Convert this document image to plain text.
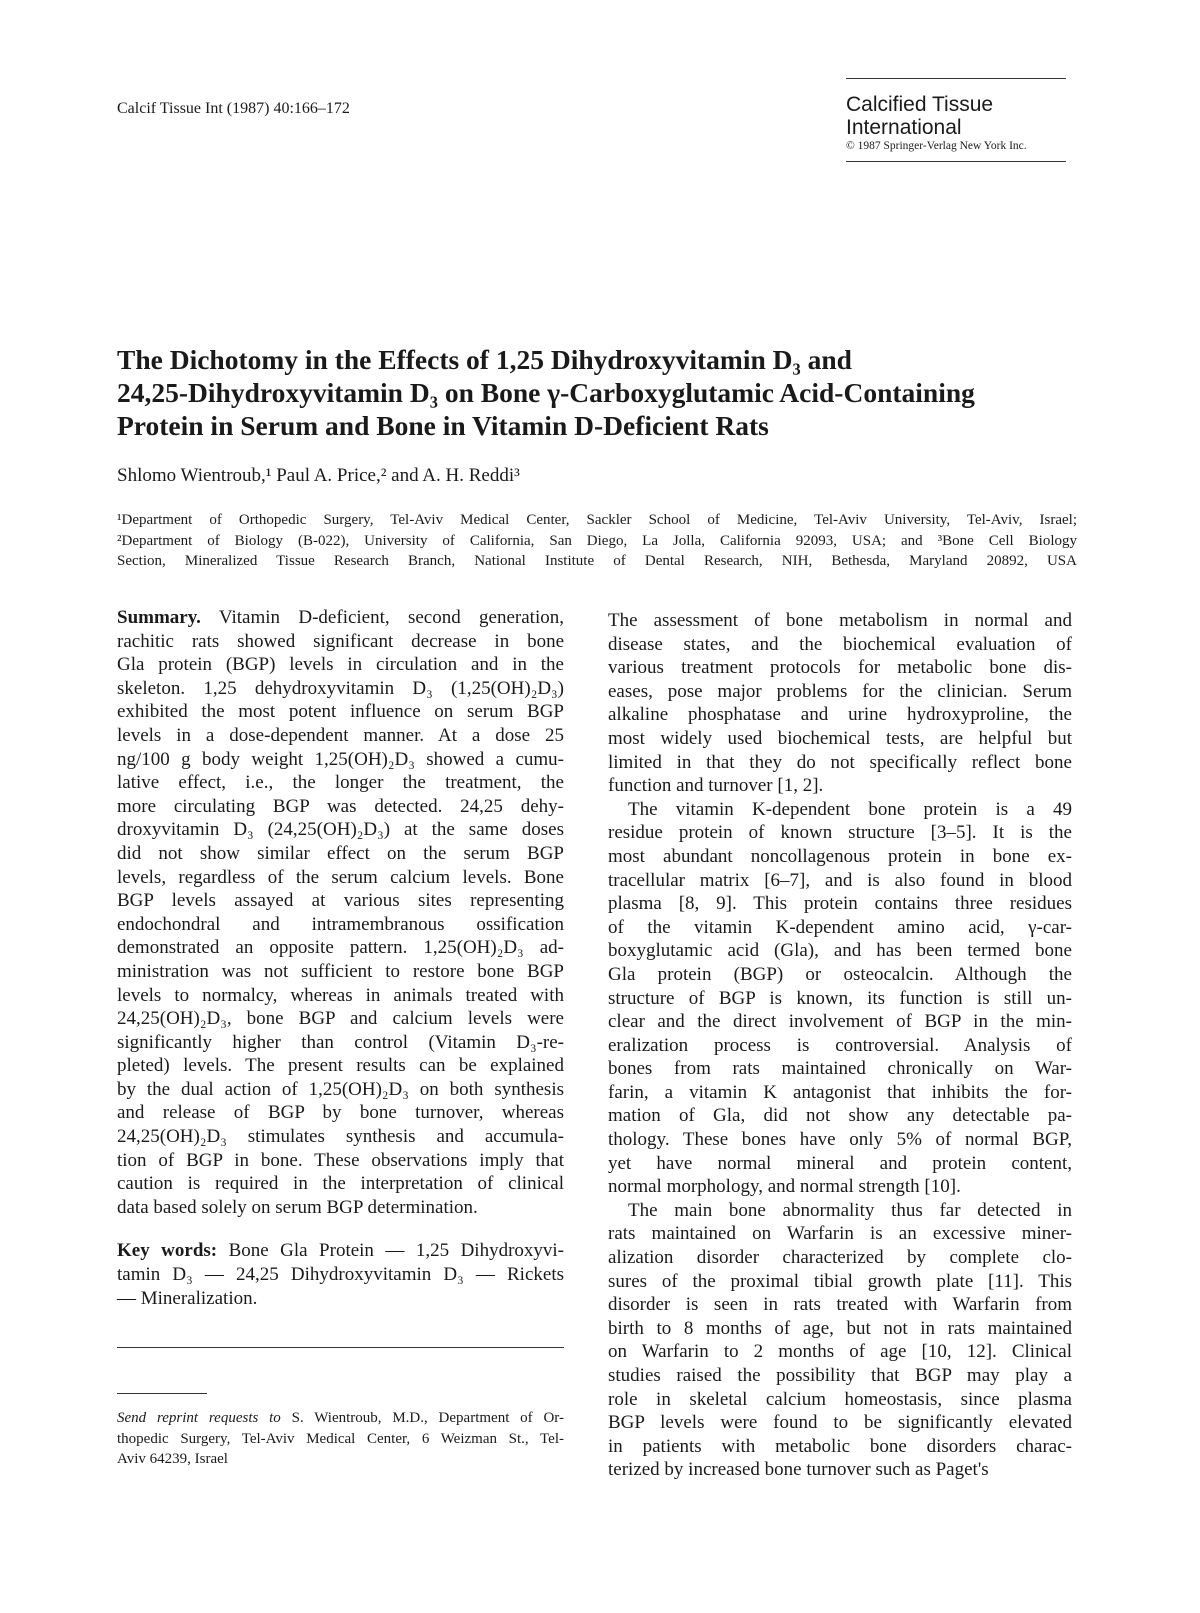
Calcif Tissue Int (1987) 40:166–172	Calcified Tissue
International
© 1987 Springer-Verlag New York Inc.
The Dichotomy in the Effects of 1,25 Dihydroxyvitamin D₃ and
24,25-Dihydroxyvitamin D₃ on Bone γ-Carboxyglutamic Acid-Containing
Protein in Serum and Bone in Vitamin D-Deficient Rats
Shlomo Wientroub,¹ Paul A. Price,² and A. H. Reddi³
¹Department of Orthopedic Surgery, Tel-Aviv Medical Center, Sackler School of Medicine, Tel-Aviv University, Tel-Aviv, Israel;
²Department of Biology (B-022), University of California, San Diego, La Jolla, California 92093, USA; and ³Bone Cell Biology
Section, Mineralized Tissue Research Branch, National Institute of Dental Research, NIH, Bethesda, Maryland 20892, USA
Summary. Vitamin D-deficient, second generation,
rachitic rats showed significant decrease in bone
Gla protein (BGP) levels in circulation and in the
skeleton. 1,25 dehydroxyvitamin D₃ (1,25(OH)₂D₃)
exhibited the most potent influence on serum BGP
levels in a dose-dependent manner. At a dose 25
ng/100 g body weight 1,25(OH)₂D₃ showed a cumu-
lative effect, i.e., the longer the treatment, the
more circulating BGP was detected. 24,25 dehy-
droxyvitamin D₃ (24,25(OH)₂D₃) at the same doses
did not show similar effect on the serum BGP
levels, regardless of the serum calcium levels. Bone
BGP levels assayed at various sites representing
endochondral and intramembranous ossification
demonstrated an opposite pattern. 1,25(OH)₂D₃ ad-
ministration was not sufficient to restore bone BGP
levels to normalcy, whereas in animals treated with
24,25(OH)₂D₃, bone BGP and calcium levels were
significantly higher than control (Vitamin D₃-re-
pleted) levels. The present results can be explained
by the dual action of 1,25(OH)₂D₃ on both synthesis
and release of BGP by bone turnover, whereas
24,25(OH)₂D₃ stimulates synthesis and accumula-
tion of BGP in bone. These observations imply that
caution is required in the interpretation of clinical
data based solely on serum BGP determination.
Key words: Bone Gla Protein — 1,25 Dihydroxyvi-
tamin D₃ — 24,25 Dihydroxyvitamin D₃ — Rickets
— Mineralization.
Send reprint requests to S. Wientroub, M.D., Department of Or-
thopedic Surgery, Tel-Aviv Medical Center, 6 Weizman St., Tel-
Aviv 64239, Israel
The assessment of bone metabolism in normal and
disease states, and the biochemical evaluation of
various treatment protocols for metabolic bone dis-
eases, pose major problems for the clinician. Serum
alkaline phosphatase and urine hydroxyproline, the
most widely used biochemical tests, are helpful but
limited in that they do not specifically reflect bone
function and turnover [1, 2].
The vitamin K-dependent bone protein is a 49
residue protein of known structure [3–5]. It is the
most abundant noncollagenous protein in bone ex-
tracellular matrix [6–7], and is also found in blood
plasma [8, 9]. This protein contains three residues
of the vitamin K-dependent amino acid, γ-car-
boxyglutamic acid (Gla), and has been termed bone
Gla protein (BGP) or osteocalcin. Although the
structure of BGP is known, its function is still un-
clear and the direct involvement of BGP in the min-
eralization process is controversial. Analysis of
bones from rats maintained chronically on War-
farin, a vitamin K antagonist that inhibits the for-
mation of Gla, did not show any detectable pa-
thology. These bones have only 5% of normal BGP,
yet have normal mineral and protein content,
normal morphology, and normal strength [10].
The main bone abnormality thus far detected in
rats maintained on Warfarin is an excessive miner-
alization disorder characterized by complete clo-
sures of the proximal tibial growth plate [11]. This
disorder is seen in rats treated with Warfarin from
birth to 8 months of age, but not in rats maintained
on Warfarin to 2 months of age [10, 12]. Clinical
studies raised the possibility that BGP may play a
role in skeletal calcium homeostasis, since plasma
BGP levels were found to be significantly elevated
in patients with metabolic bone disorders charac-
terized by increased bone turnover such as Paget's
